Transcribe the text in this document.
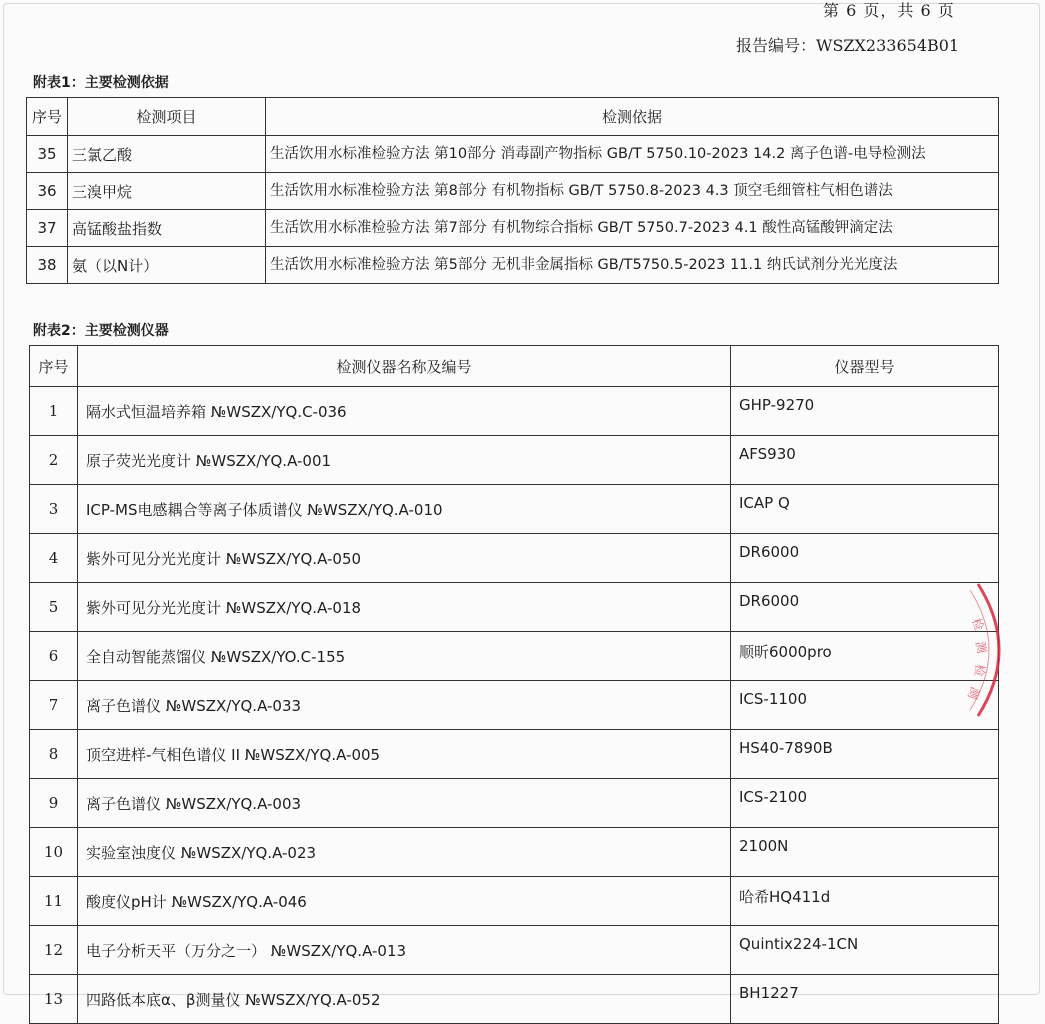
第 6 页，共 6 页
报告编号：WSZX233654B01
附表1：主要检测依据
序号	检测项目	检测依据
35	三氯乙酸	生活饮用水标准检验方法 第10部分 消毒副产物指标 GB/T 5750.10-2023 14.2 离子色谱-电导检测法
36	三溴甲烷	生活饮用水标准检验方法 第8部分 有机物指标 GB/T 5750.8-2023 4.3 顶空毛细管柱气相色谱法
37	高锰酸盐指数	生活饮用水标准检验方法 第7部分 有机物综合指标 GB/T 5750.7-2023 4.1 酸性高锰酸钾滴定法
38	氨（以N计）	生活饮用水标准检验方法 第5部分 无机非金属指标 GB/T5750.5-2023 11.1 纳氏试剂分光光度法
附表2：主要检测仪器
序号	检测仪器名称及编号	仪器型号
1	隔水式恒温培养箱 №WSZX/YQ.C-036	GHP-9270
2	原子荧光光度计 №WSZX/YQ.A-001	AFS930
3	ICP-MS电感耦合等离子体质谱仪 №WSZX/YQ.A-010	ICAP Q
4	紫外可见分光光度计 №WSZX/YQ.A-050	DR6000
5	紫外可见分光光度计 №WSZX/YQ.A-018	DR6000
6	全自动智能蒸馏仪 №WSZX/YO.C-155	顺昕6000pro
7	离子色谱仪 №WSZX/YQ.A-033	ICS-1100
8	顶空进样-气相色谱仪 II №WSZX/YQ.A-005	HS40-7890B
9	离子色谱仪 №WSZX/YQ.A-003	ICS-2100
10	实验室浊度仪 №WSZX/YQ.A-023	2100N
11	酸度仪pH计 №WSZX/YQ.A-046	哈希HQ411d
12	电子分析天平（万分之一） №WSZX/YQ.A-013	Quintix224-1CN
13	四路低本底α、β测量仪 №WSZX/YQ.A-052	BH1227
检
测
检
测
